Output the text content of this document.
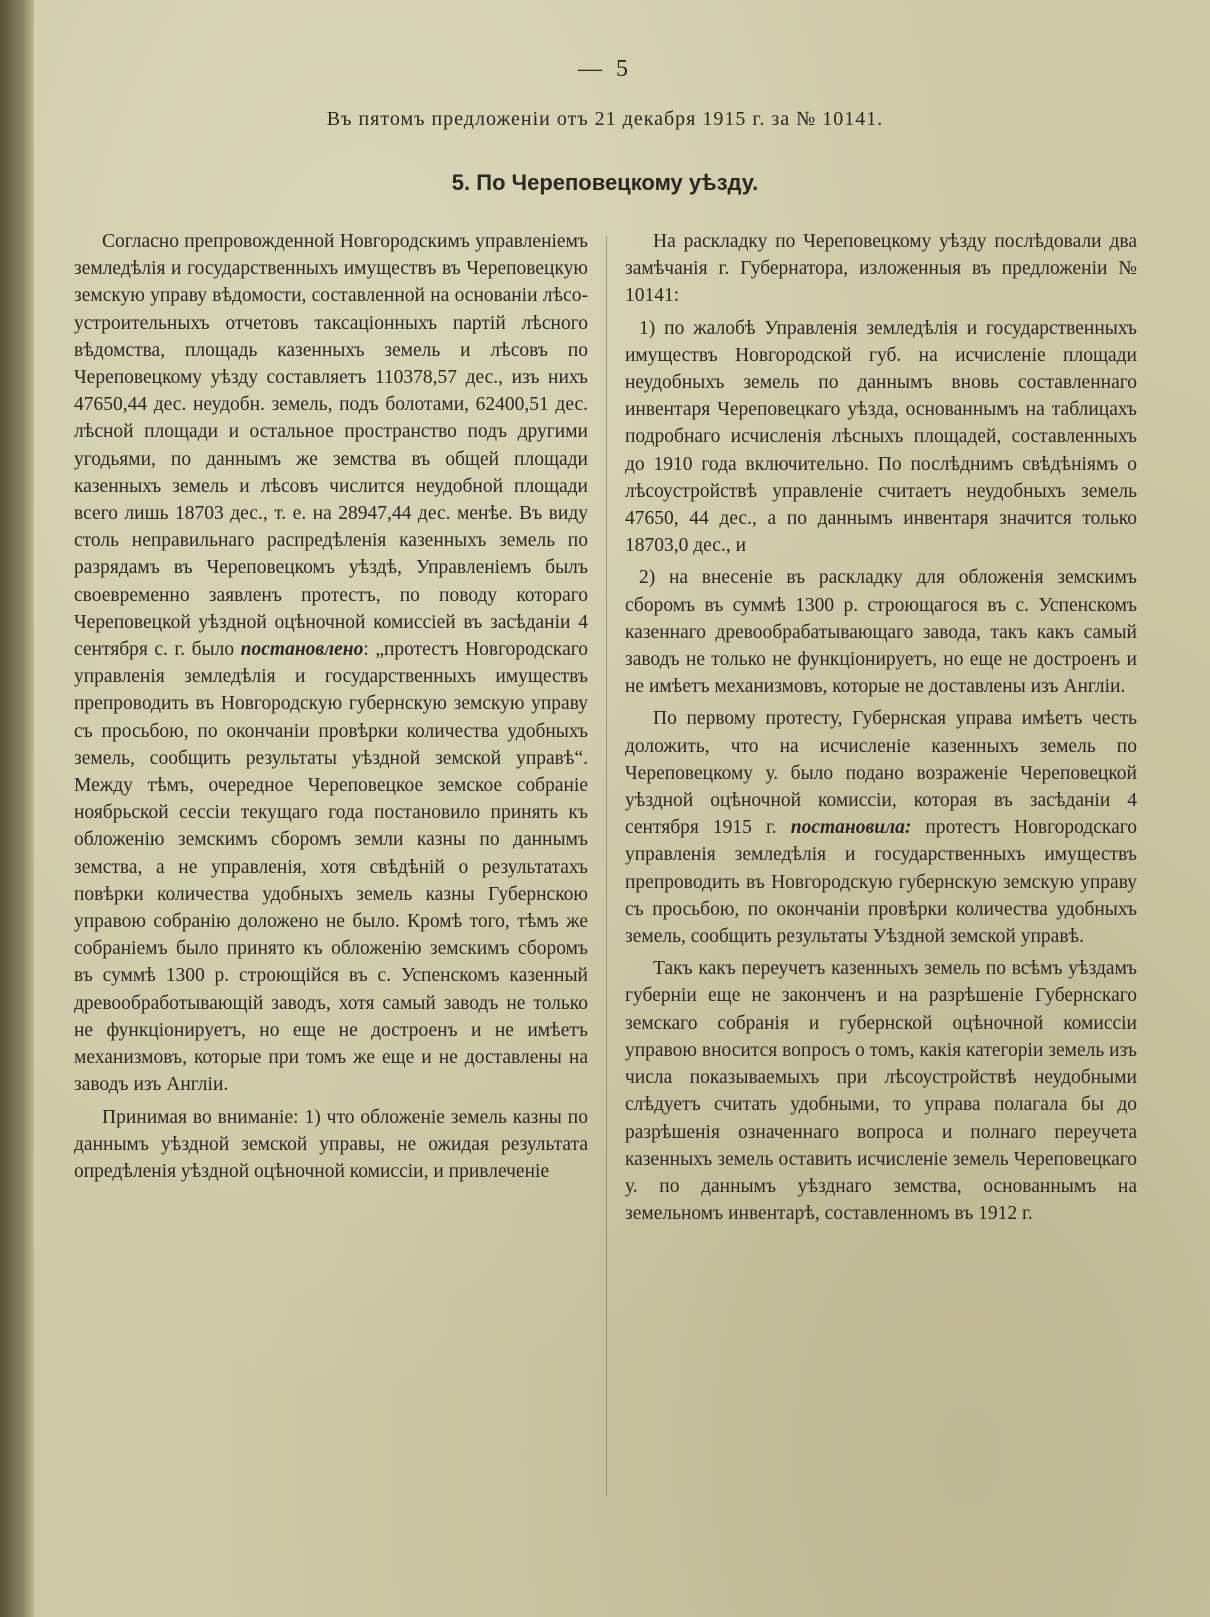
— 5
Въ пятомъ предложенiи отъ 21 декабря 1915 г. за № 10141.
5. По Череповецкому уѣзду.

Согласно препровожденной Новгородскимъ управленiемъ земледѣлiя и государственныхъ имуществъ въ Череповецкую земскую управу вѣдомости, составленной на основанiи лѣсо-устроительныхъ отчетовъ таксацiонныхъ партiй лѣсного вѣдомства, площадь казенныхъ земель и лѣсовъ по Череповецкому уѣзду составляетъ 110378,57 дес., изъ нихъ 47650,44 дес. неудобн. земель, подъ болотами, 62400,51 дес. лѣсной площади и остальное пространство подъ другими угодьями, по даннымъ же земства въ общей площади казенныхъ земель и лѣсовъ числится неудобной площади всего лишь 18703 дес., т. е. на 28947,44 дес. менѣе. Въ виду столь неправильнаго распредѣленiя казенныхъ земель по разрядамъ въ Череповецкомъ уѣздѣ, Управленiемъ былъ своевременно заявленъ протестъ, по поводу котораго Череповецкой уѣздной оцѣночной комиссiей въ засѣданiи 4 сентября с. г. было постановлено: „протестъ Новгородскаго управленiя земледѣлiя и государственныхъ имуществъ препроводить въ Новгородскую губернскую земскую управу съ просьбою, по окончанiи провѣрки количества удобныхъ земель, сообщить результаты уѣздной земской управѣ“. Между тѣмъ, очередное Череповецкое земское собранiе ноябрьской сессiи текущаго года постановило принять къ обложенiю земскимъ сборомъ земли казны по даннымъ земства, а не управленiя, хотя свѣдѣнiй о результатахъ повѣрки количества удобныхъ земель казны Губернскою управою собранiю доложено не было. Кромѣ того, тѣмъ же собранiемъ было принято къ обложенiю земскимъ сборомъ въ суммѣ 1300 р. строющiйся въ с. Успенскомъ казенный древообработывающiй заводъ, хотя самый заводъ не только не функцiонируетъ, но еще не достроенъ и не имѣетъ механизмовъ, которые при томъ же еще и не доставлены на заводъ изъ Англiи.

Принимая во вниманiе: 1) что обложенiе земель казны по даннымъ уѣздной земской управы, не ожидая результата опредѣленiя уѣздной оцѣночной комиссiи, и привлеченiе

На раскладку по Череповецкому уѣзду послѣдовали два замѣчанiя г. Губернатора, изложенныя въ предложенiи № 10141:

1) по жалобѣ Управленiя земледѣлiя и государственныхъ имуществъ Новгородской губ. на исчисленiе площади неудобныхъ земель по даннымъ вновь составленнаго инвентаря Череповецкаго уѣзда, основаннымъ на таблицахъ подробнаго исчисленiя лѣсныхъ площадей, составленныхъ до 1910 года включительно. По послѣднимъ свѣдѣнiямъ о лѣсоустройствѣ управленiе считаетъ неудобныхъ земель 47650, 44 дес., а по даннымъ инвентаря значится только 18703,0 дес., и

2) на внесенiе въ раскладку для обложенiя земскимъ сборомъ въ суммѣ 1300 р. строющагося въ с. Успенскомъ казеннаго древообрабатывающаго завода, такъ какъ самый заводъ не только не функцiонируетъ, но еще не достроенъ и не имѣетъ механизмовъ, которые не доставлены изъ Англiи.

По первому протесту, Губернская управа имѣетъ честь доложить, что на исчисленiе казенныхъ земель по Череповецкому у. было подано возраженiе Череповецкой уѣздной оцѣночной комиссiи, которая въ засѣданiи 4 сентября 1915 г. постановила: протестъ Новгородскаго управленiя земледѣлiя и государственныхъ имуществъ препроводить въ Новгородскую губернскую земскую управу съ просьбою, по окончанiи провѣрки количества удобныхъ земель, сообщить результаты Уѣздной земской управѣ.

Такъ какъ переучетъ казенныхъ земель по всѣмъ уѣздамъ губернiи еще не законченъ и на разрѣшенiе Губернскаго земскаго собранiя и губернской оцѣночной комиссiи управою вносится вопросъ о томъ, какiя категорiи земель изъ числа показываемыхъ при лѣсоустройствѣ неудобными слѣдуетъ считать удобными, то управа полагала бы до разрѣшенiя означеннаго вопроса и полнаго переучета казенныхъ земель оставить исчисленiе земель Череповецкаго у. по даннымъ уѣзднаго земства, основаннымъ на земельномъ инвентарѣ, составленномъ въ 1912 г.
